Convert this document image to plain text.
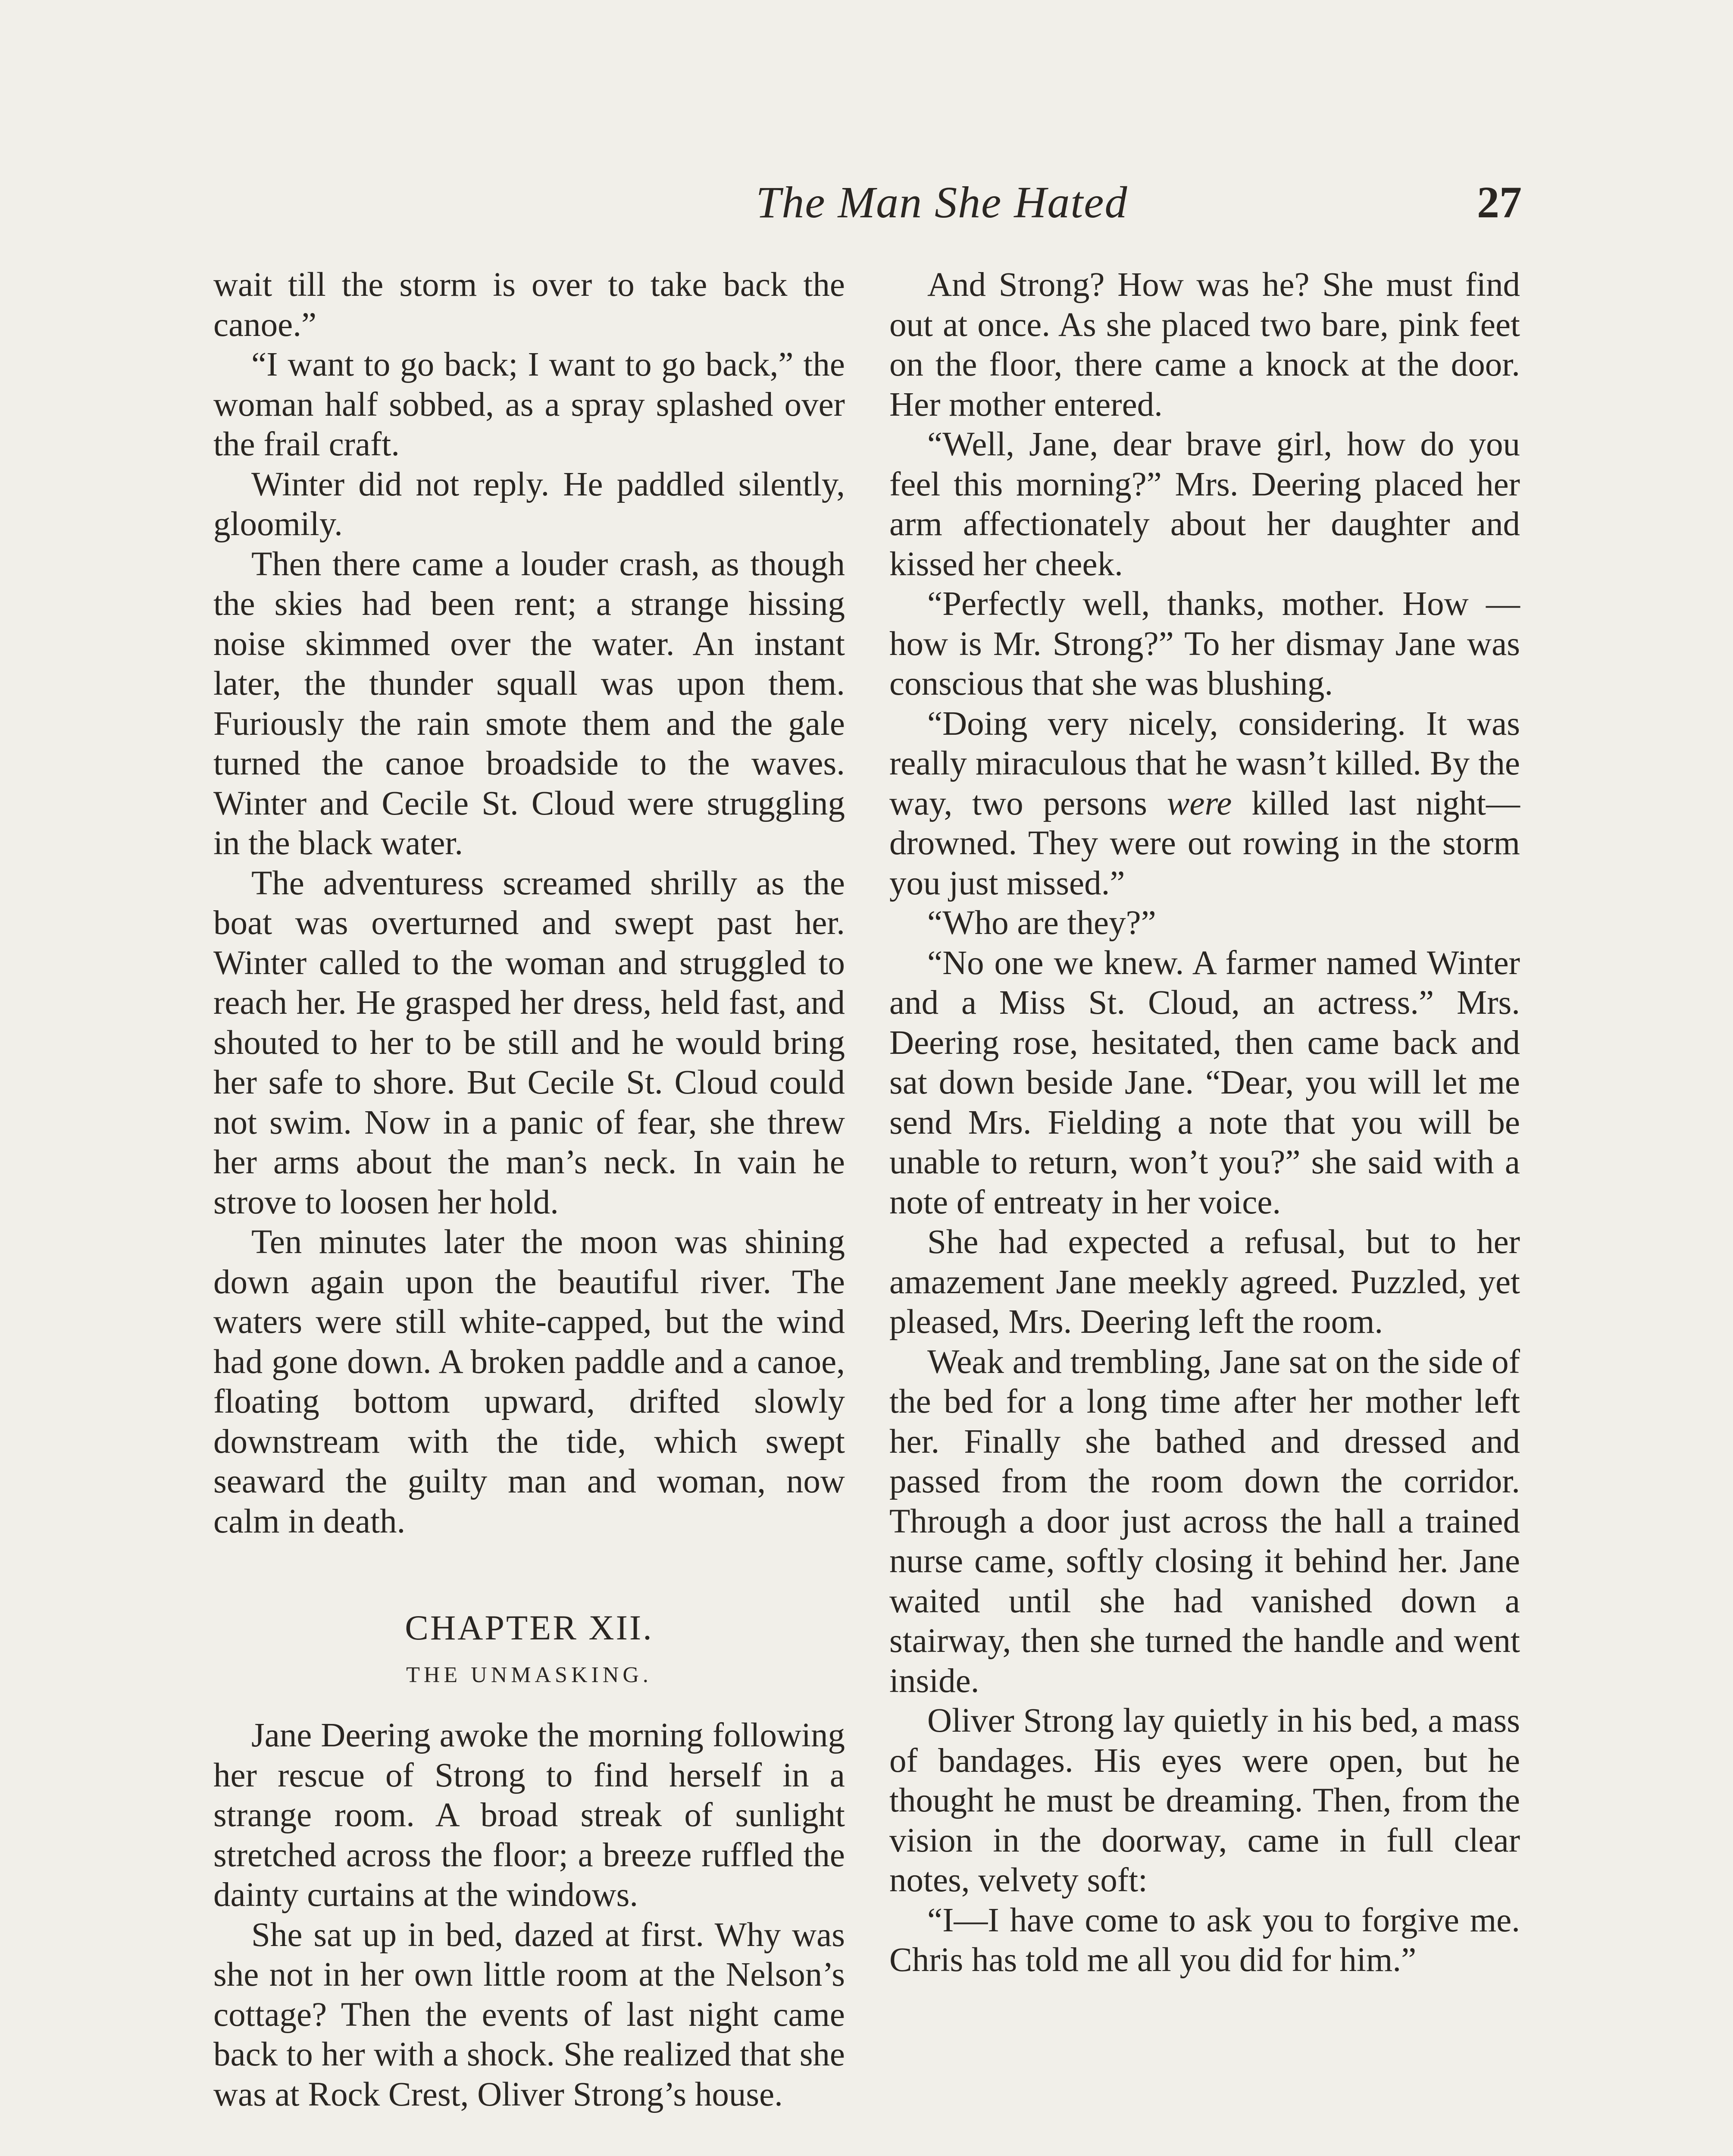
The Man She Hated	27

wait till the storm is over to take back the canoe.”

“I want to go back; I want to go back,” the woman half sobbed, as a spray splashed over the frail craft.

Winter did not reply. He paddled silently, gloomily.

Then there came a louder crash, as though the skies had been rent; a strange hissing noise skimmed over the water. An instant later, the thunder squall was upon them. Furiously the rain smote them and the gale turned the canoe broadside to the waves. Winter and Cecile St. Cloud were struggling in the black water.

The adventuress screamed shrilly as the boat was overturned and swept past her. Winter called to the woman and struggled to reach her. He grasped her dress, held fast, and shouted to her to be still and he would bring her safe to shore. But Cecile St. Cloud could not swim. Now in a panic of fear, she threw her arms about the man’s neck. In vain he strove to loosen her hold.

Ten minutes later the moon was shining down again upon the beautiful river. The waters were still white-capped, but the wind had gone down. A broken paddle and a canoe, floating bottom upward, drifted slowly downstream with the tide, which swept seaward the guilty man and woman, now calm in death.

CHAPTER XII.
THE UNMASKING.

Jane Deering awoke the morning following her rescue of Strong to find herself in a strange room. A broad streak of sunlight stretched across the floor; a breeze ruffled the dainty curtains at the windows.

She sat up in bed, dazed at first. Why was she not in her own little room at the Nelson’s cottage? Then the events of last night came back to her with a shock. She realized that she was at Rock Crest, Oliver Strong’s house.

And Strong? How was he? She must find out at once. As she placed two bare, pink feet on the floor, there came a knock at the door. Her mother entered.

“Well, Jane, dear brave girl, how do you feel this morning?” Mrs. Deering placed her arm affectionately about her daughter and kissed her cheek.

“Perfectly well, thanks, mother. How —how is Mr. Strong?” To her dismay Jane was conscious that she was blushing.

“Doing very nicely, considering. It was really miraculous that he wasn’t killed. By the way, two persons were killed last night—drowned. They were out rowing in the storm you just missed.”

“Who are they?”

“No one we knew. A farmer named Winter and a Miss St. Cloud, an actress.” Mrs. Deering rose, hesitated, then came back and sat down beside Jane. “Dear, you will let me send Mrs. Fielding a note that you will be unable to return, won’t you?” she said with a note of entreaty in her voice.

She had expected a refusal, but to her amazement Jane meekly agreed. Puzzled, yet pleased, Mrs. Deering left the room.

Weak and trembling, Jane sat on the side of the bed for a long time after her mother left her. Finally she bathed and dressed and passed from the room down the corridor. Through a door just across the hall a trained nurse came, softly closing it behind her. Jane waited until she had vanished down a stairway, then she turned the handle and went inside.

Oliver Strong lay quietly in his bed, a mass of bandages. His eyes were open, but he thought he must be dreaming. Then, from the vision in the doorway, came in full clear notes, velvety soft:

“I—I have come to ask you to forgive me. Chris has told me all you did for him.”
